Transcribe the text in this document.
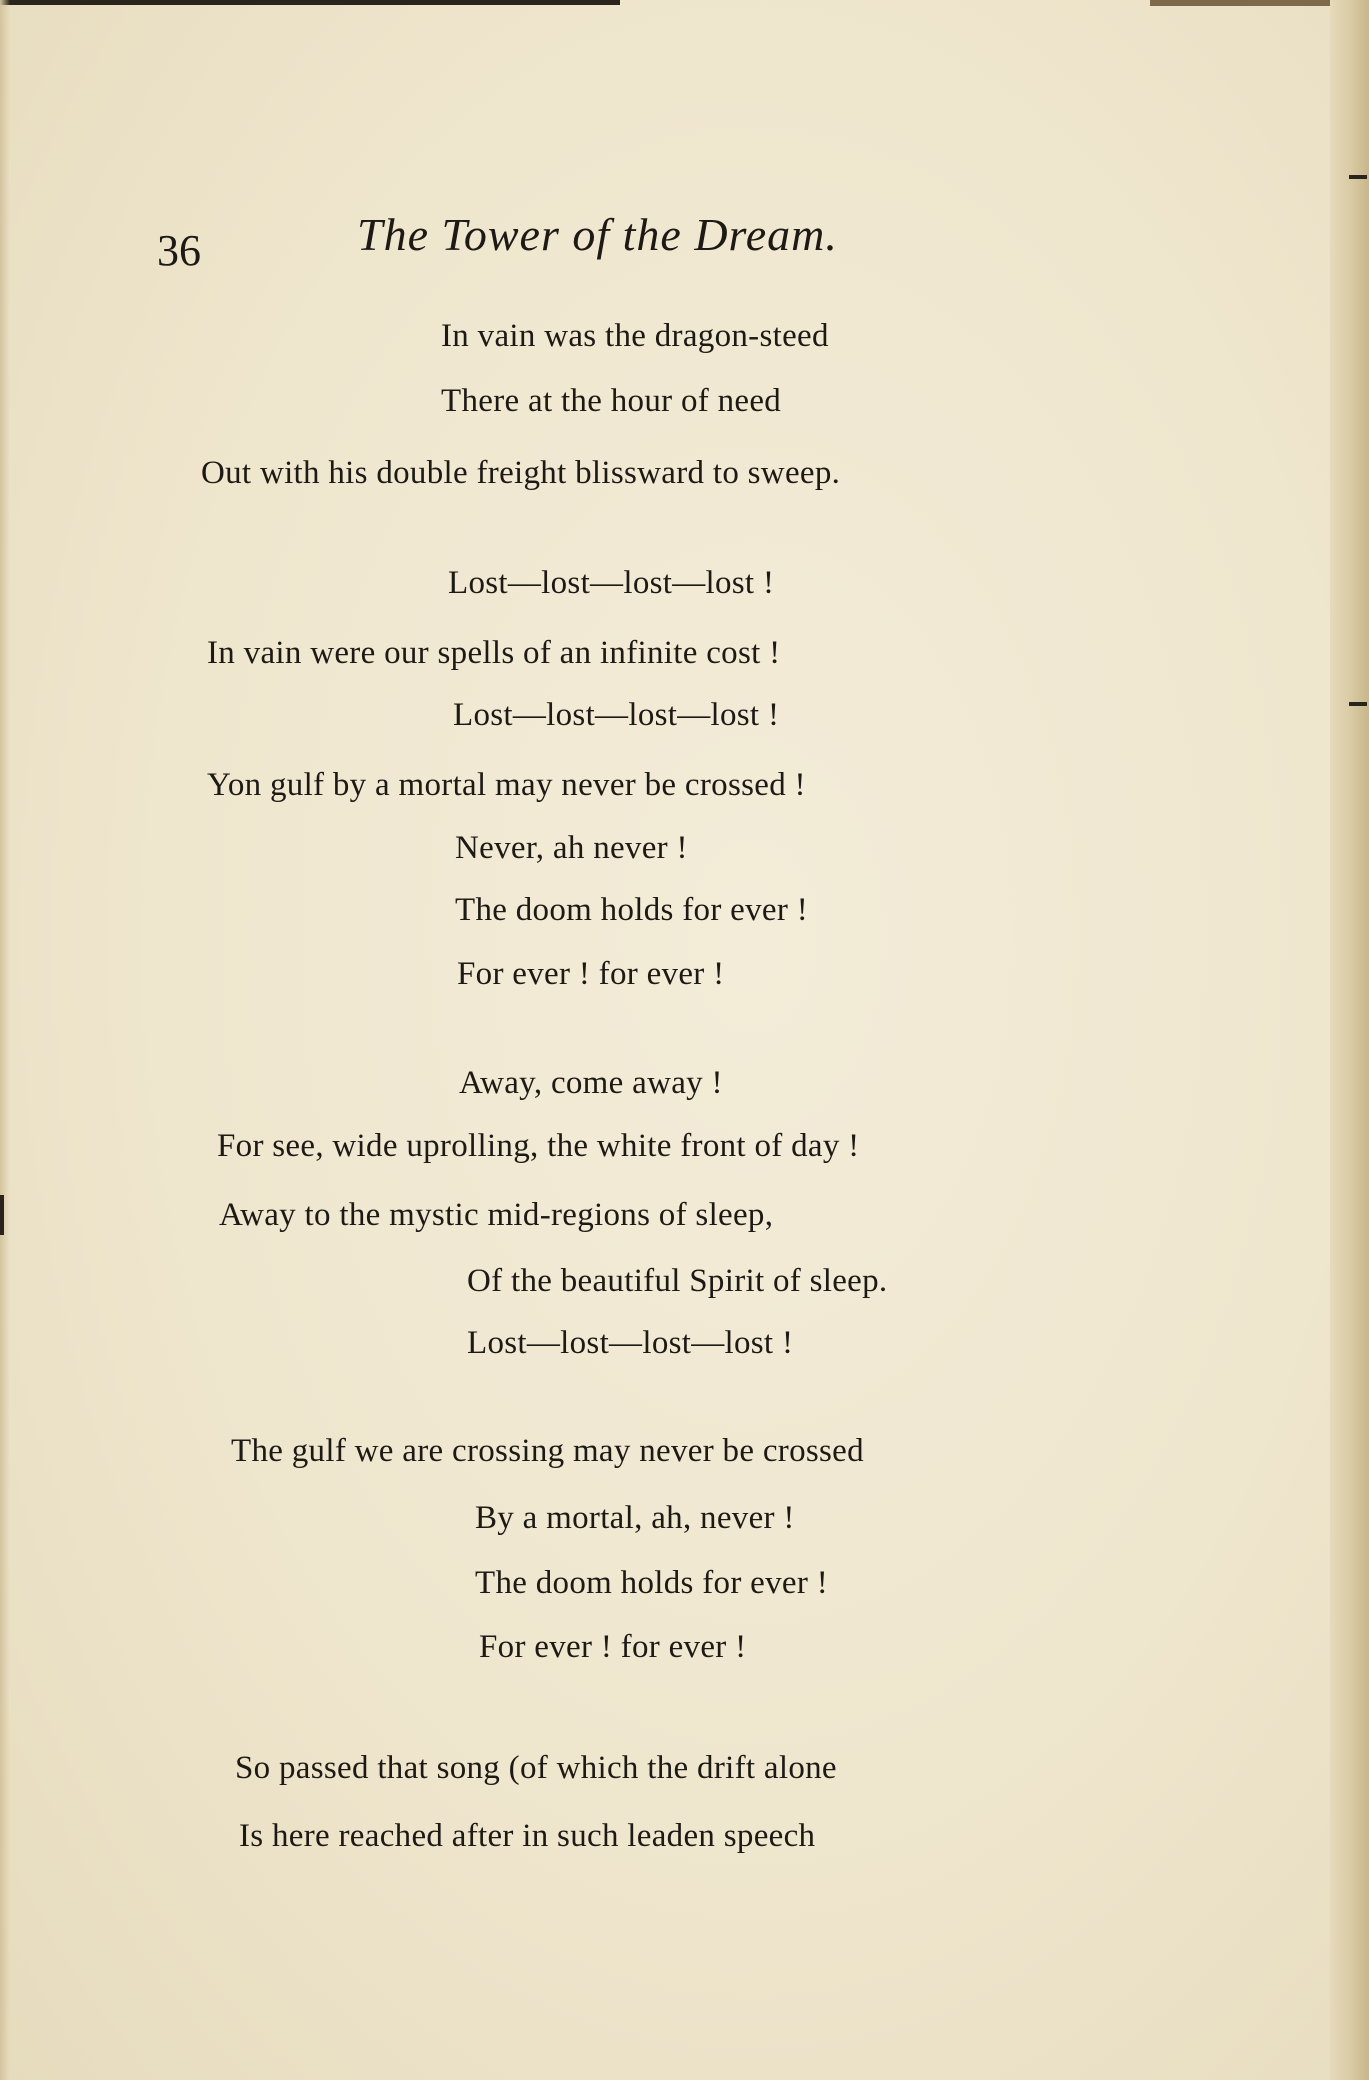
36	The Tower of the Dream.
In vain was the dragon-steed
There at the hour of need
Out with his double freight blissward to sweep.
Lost—lost—lost—lost !
In vain were our spells of an infinite cost !
Lost—lost—lost—lost !
Yon gulf by a mortal may never be crossed !
Never, ah never !
The doom holds for ever !
For ever ! for ever !
Away, come away !
For see, wide uprolling, the white front of day !
Away to the mystic mid-regions of sleep,
Of the beautiful Spirit of sleep.
Lost—lost—lost—lost !
The gulf we are crossing may never be crossed
By a mortal, ah, never !
The doom holds for ever !
For ever ! for ever !
So passed that song (of which the drift alone
Is here reached after in such leaden speech
